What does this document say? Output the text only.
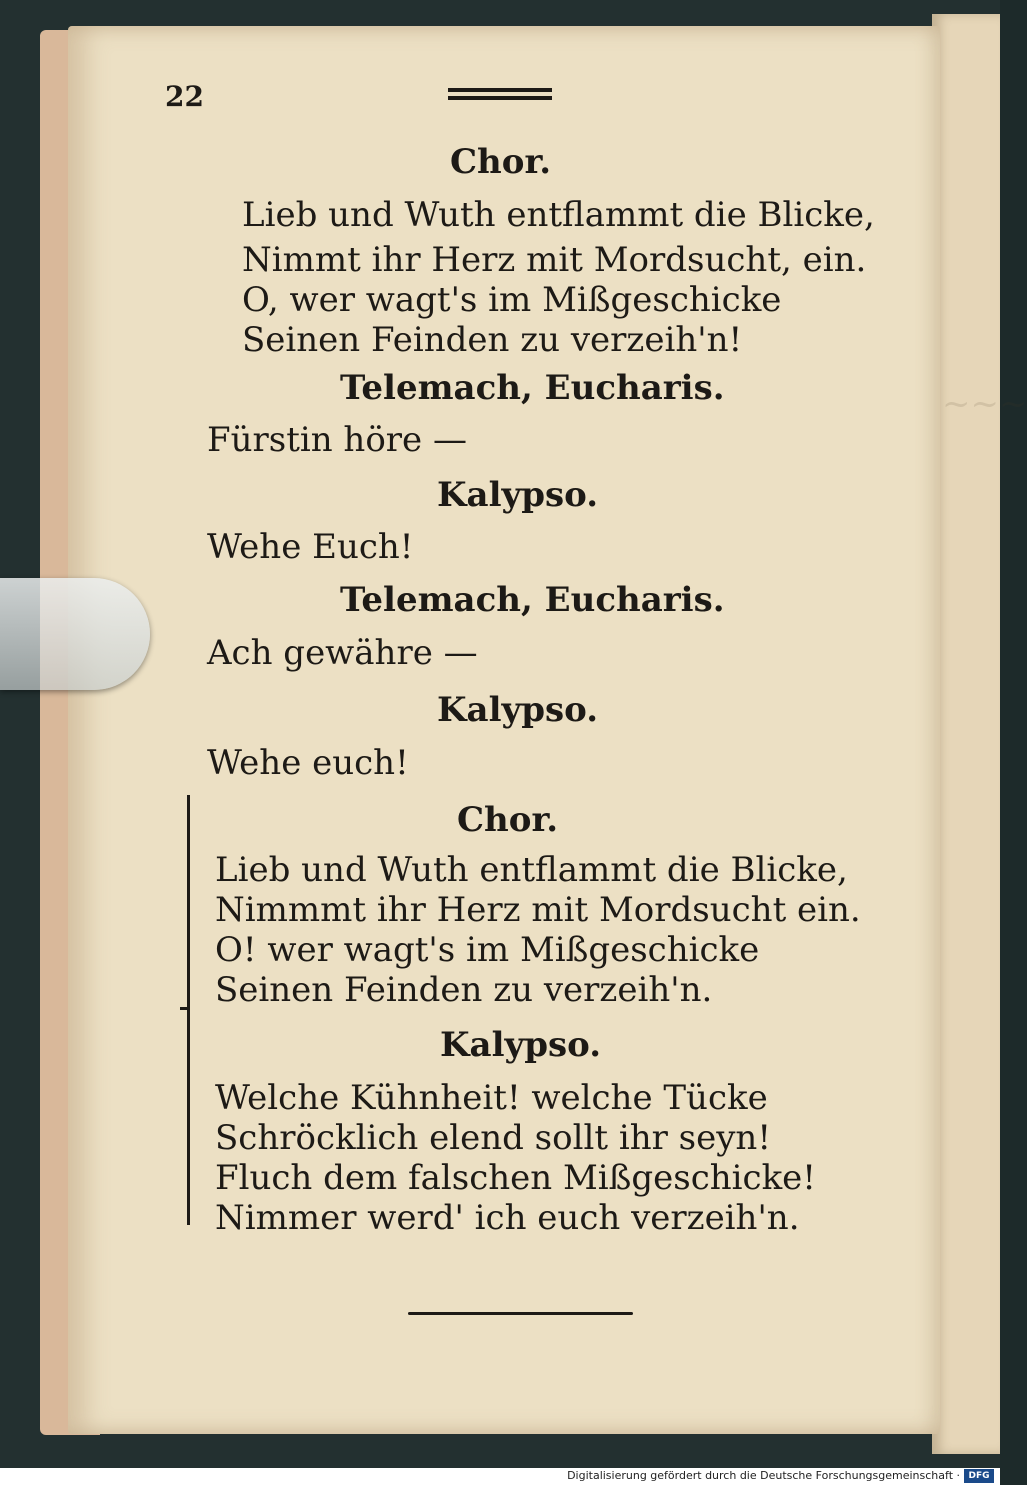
~~~
22
Chor.
Lieb und Wuth entflammt die Blicke,
Nimmt ihr Herz mit Mordsucht, ein.
O, wer wagt's im Mißgeschicke
Seinen Feinden zu verzeih'n!
Telemach, Eucharis.
Fürstin höre —
Kalypso.
Wehe Euch!
Telemach, Eucharis.
Ach gewähre —
Kalypso.
Wehe euch!
Chor.
Lieb und Wuth entflammt die Blicke,
Nimmmt ihr Herz mit Mordsucht ein.
O! wer wagt's im Mißgeschicke
Seinen Feinden zu verzeih'n.
Kalypso.
Welche Kühnheit! welche Tücke
Schröcklich elend sollt ihr seyn!
Fluch dem falschen Mißgeschicke!
Nimmer werd' ich euch verzeih'n.
Digitalisierung gefördert durch die Deutsche Forschungsgemeinschaft · DFG
